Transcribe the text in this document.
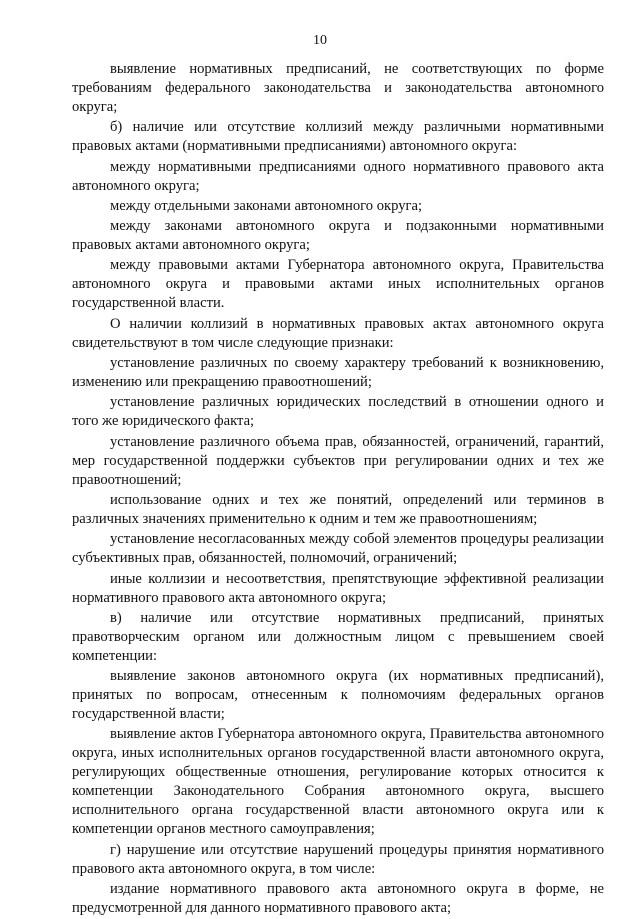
10

выявление нормативных предписаний, не соответствующих по форме требованиям федерального законодательства и законодательства автономного округа;

б) наличие или отсутствие коллизий между различными нормативными правовых актами (нормативными предписаниями) автономного округа:

между нормативными предписаниями одного нормативного правового акта автономного округа;

между отдельными законами автономного округа;

между законами автономного округа и подзаконными нормативными правовых актами автономного округа;

между правовыми актами Губернатора автономного округа, Правительства автономного округа и правовыми актами иных исполнительных органов государственной власти.

О наличии коллизий в нормативных правовых актах автономного округа свидетельствуют в том числе следующие признаки:

установление различных по своему характеру требований к возникновению, изменению или прекращению правоотношений;

установление различных юридических последствий в отношении одного и того же юридического факта;

установление различного объема прав, обязанностей, ограничений, гарантий, мер государственной поддержки субъектов при регулировании одних и тех же правоотношений;

использование одних и тех же понятий, определений или терминов в различных значениях применительно к одним и тем же правоотношениям;

установление несогласованных между собой элементов процедуры реализации субъективных прав, обязанностей, полномочий, ограничений;

иные коллизии и несоответствия, препятствующие эффективной реализации нормативного правового акта автономного округа;

в) наличие или отсутствие нормативных предписаний, принятых правотворческим органом или должностным лицом с превышением своей компетенции:

выявление законов автономного округа (их нормативных предписаний), принятых по вопросам, отнесенным к полномочиям федеральных органов государственной власти;

выявление актов Губернатора автономного округа, Правительства автономного округа, иных исполнительных органов государственной власти автономного округа, регулирующих общественные отношения, регулирование которых относится к компетенции Законодательного Собрания автономного округа, высшего исполнительного органа государственной власти автономного округа или к компетенции органов местного самоуправления;

г) нарушение или отсутствие нарушений процедуры принятия нормативного правового акта автономного округа, в том числе:

издание нормативного правового акта автономного округа в форме, не предусмотренной для данного нормативного правового акта;
